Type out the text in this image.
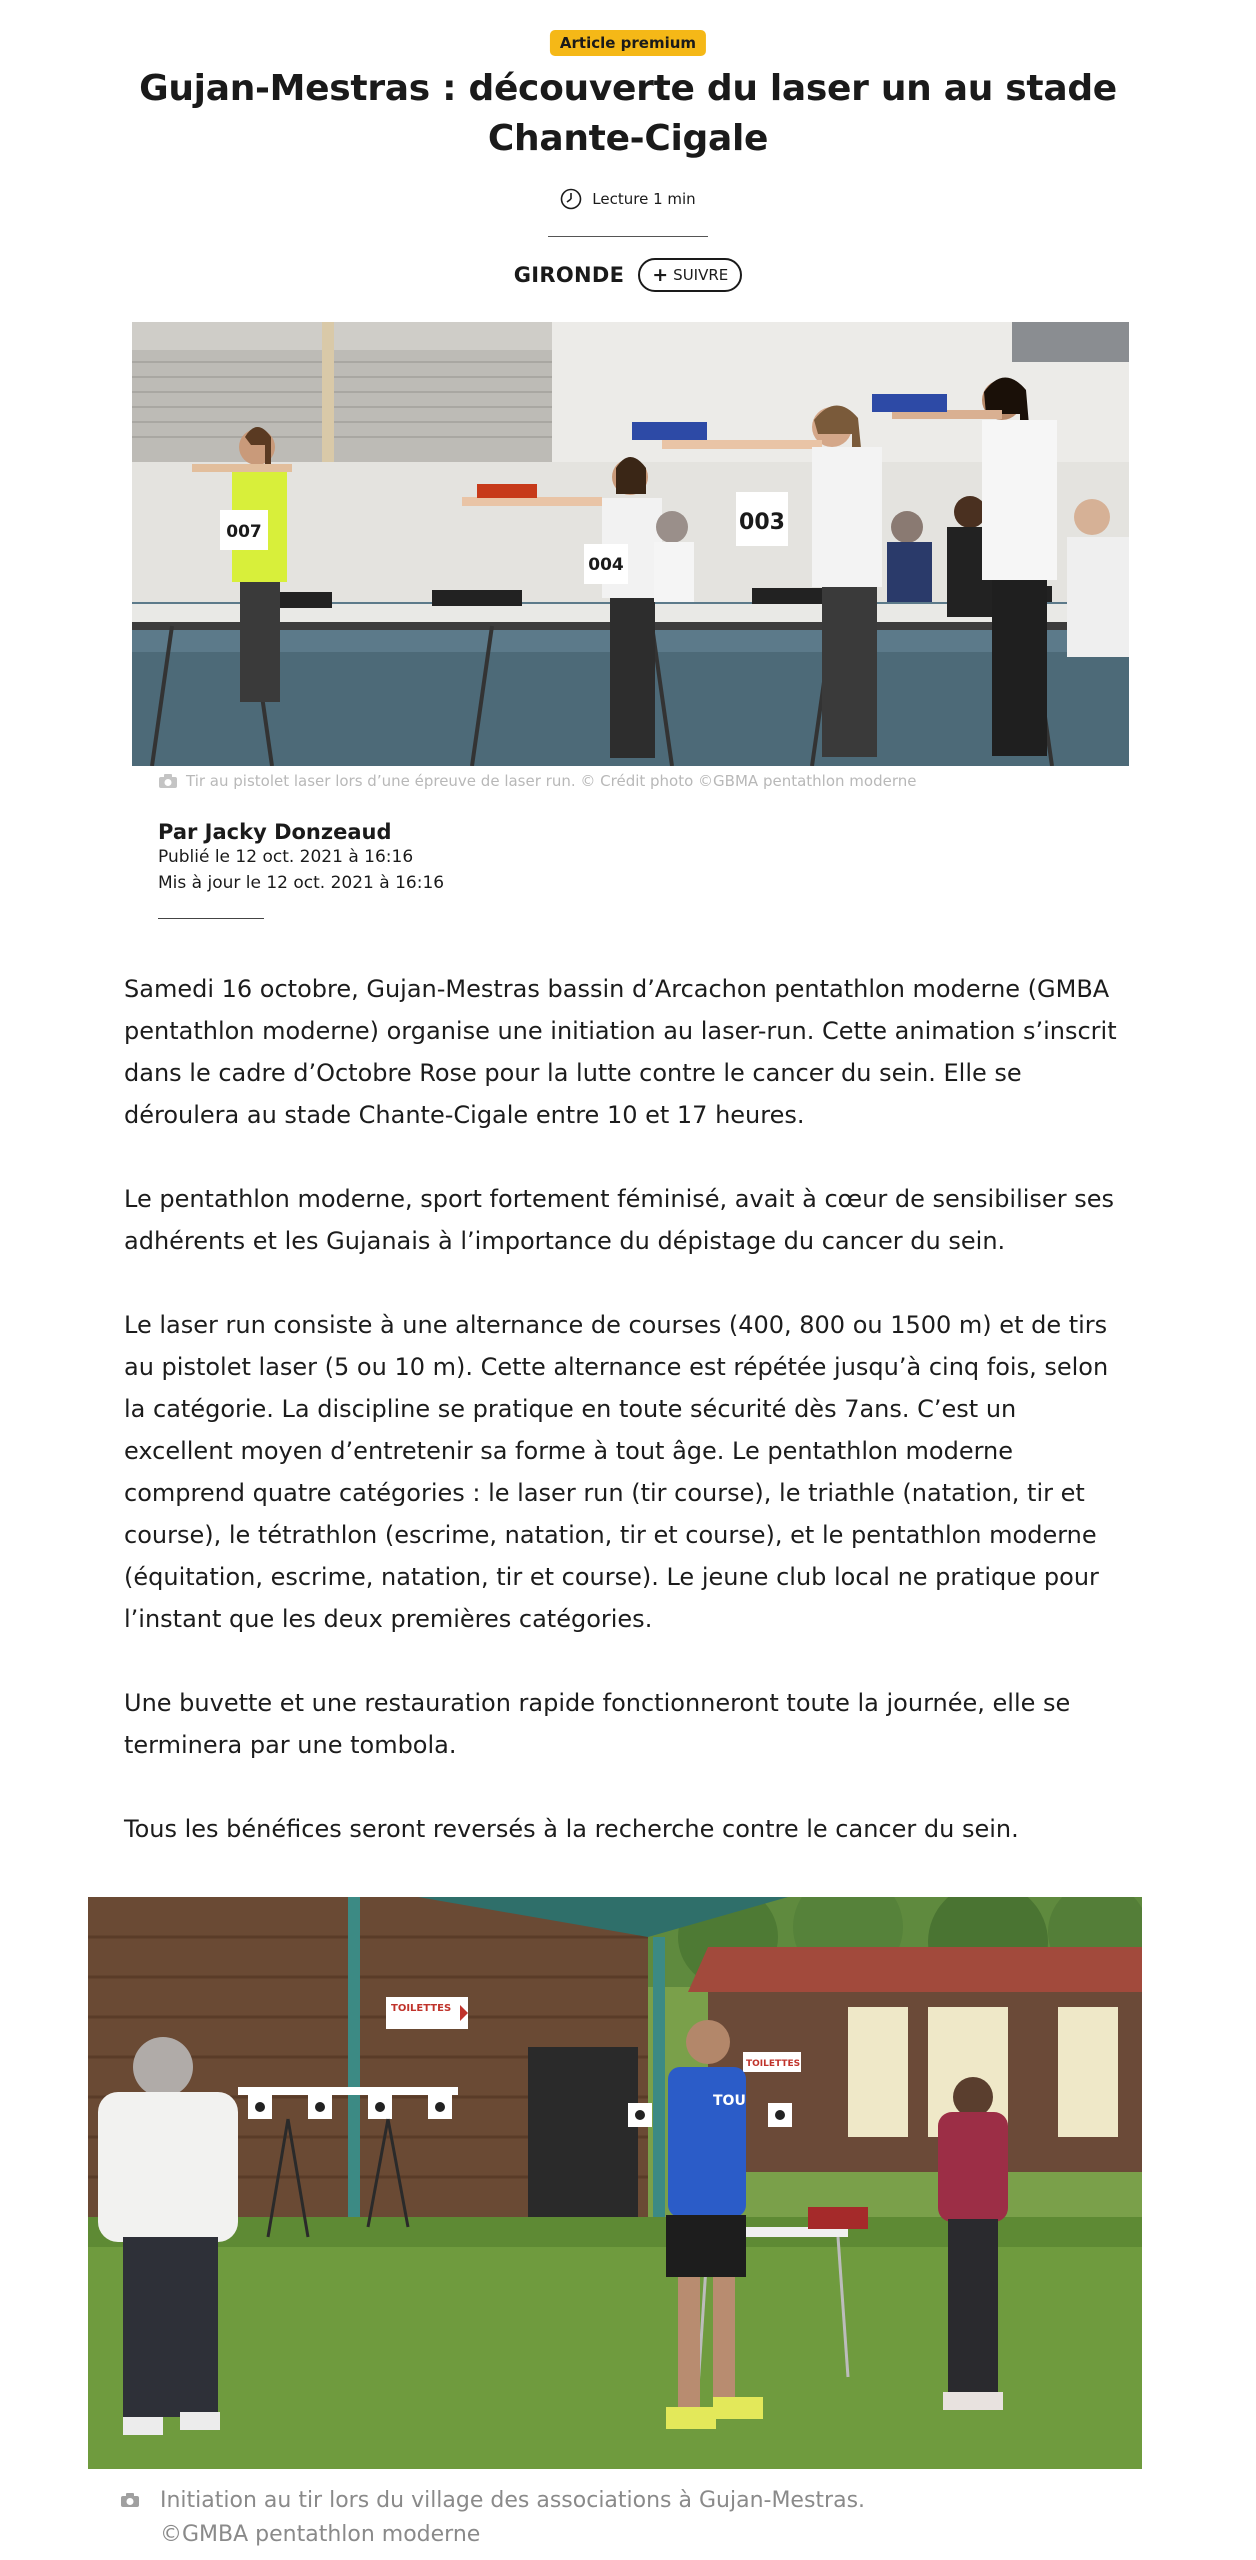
Article premium
Gujan-Mestras : découverte du laser un au stade Chante-Cigale
Lecture 1 min
GIRONDE + SUIVRE
007
004
003
Tir au pistolet laser lors d’une épreuve de laser run. © Crédit photo ©GBMA pentathlon moderne
Par Jacky Donzeaud
Publié le 12 oct. 2021 à 16:16
Mis à jour le 12 oct. 2021 à 16:16

Samedi 16 octobre, Gujan-Mestras bassin d’Arcachon pentathlon moderne (GMBA pentathlon moderne) organise une initiation au laser-run. Cette animation s’inscrit dans le cadre d’Octobre Rose pour la lutte contre le cancer du sein. Elle se déroulera au stade Chante-Cigale entre 10 et 17 heures.

Le pentathlon moderne, sport fortement féminisé, avait à cœur de sensibiliser ses adhérents et les Gujanais à l’importance du dépistage du cancer du sein.

Le laser run consiste à une alternance de courses (400, 800 ou 1500 m) et de tirs au pistolet laser (5 ou 10 m). Cette alternance est répétée jusqu’à cinq fois, selon la catégorie. La discipline se pratique en toute sécurité dès 7ans. C’est un excellent moyen d’entretenir sa forme à tout âge. Le pentathlon moderne comprend quatre catégories : le laser run (tir course), le triathle (natation, tir et course), le tétrathlon (escrime, natation, tir et course), et le pentathlon moderne (équitation, escrime, natation, tir et course). Le jeune club local ne pratique pour l’instant que les deux premières catégories.

Une buvette et une restauration rapide fonctionneront toute la journée, elle se terminera par une tombola.

Tous les bénéfices seront reversés à la recherche contre le cancer du sein.

TOILETTES
TOILETTES
TOU
Initiation au tir lors du village des associations à Gujan-Mestras.
©GMBA pentathlon moderne
